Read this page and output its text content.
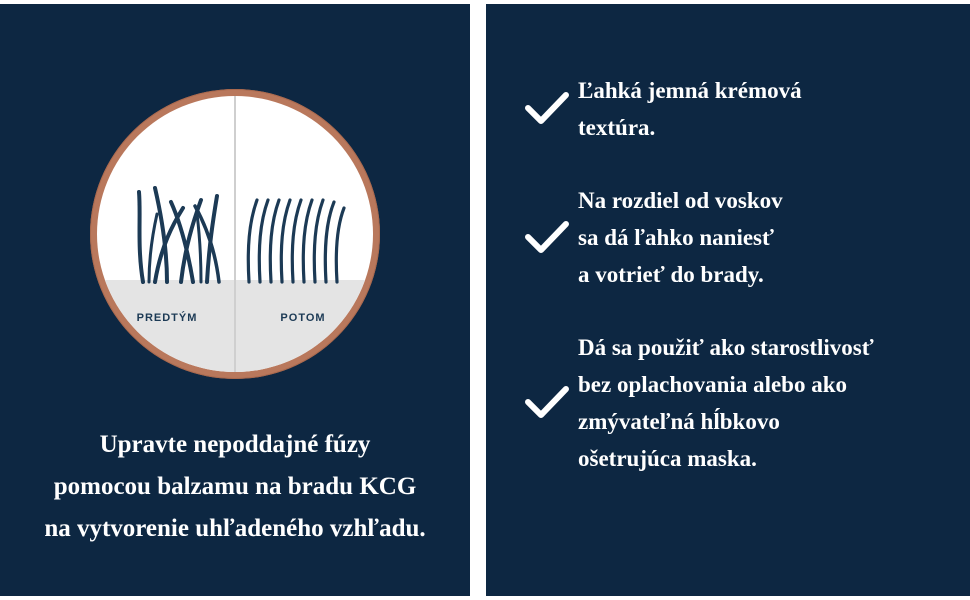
PREDTÝM	POTOM
Upravte nepoddajné fúzy
pomocou balzamu na bradu KCG
na vytvorenie uhľadeného vzhľadu.
Ľahká jemná krémová
textúra.
Na rozdiel od voskov
sa dá ľahko naniesť
a votrieť do brady.
Dá sa použiť ako starostlivosť
bez oplachovania alebo ako
zmývateľná hĺbkovo
ošetrujúca maska.
